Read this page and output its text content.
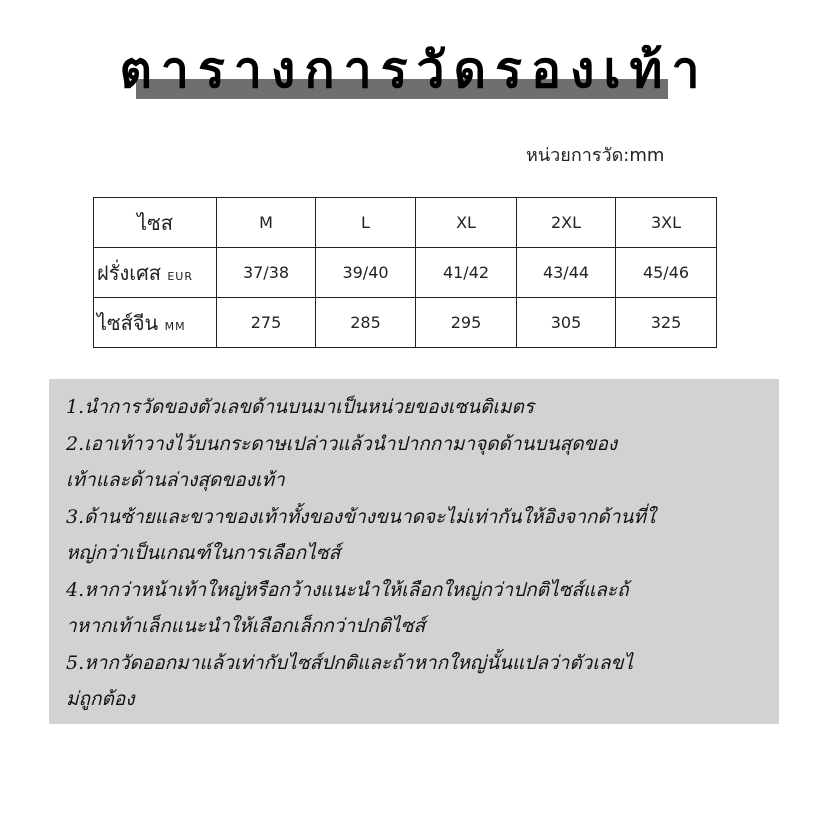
ตารางการวัดรองเท้า
หน่วยการวัด:mm
ไซส	M	L	XL	2XL	3XL
ฝรั่งเศส EUR	37/38	39/40	41/42	43/44	45/46
ไซส์จีน MM	275	285	295	305	325

1.นำการวัดของตัวเลขด้านบนมาเป็นหน่วยของเซนติเมตร

2.เอาเท้าวางไว้บนกระดาษเปล่าวแล้วนำปากกามาจุดด้านบนสุดของ

เท้าและด้านล่างสุดของเท้า

3.ด้านซ้ายและขวาของเท้าทั้งของข้างขนาดจะไม่เท่ากันให้อิงจากด้านที่ใ

หญ่กว่าเป็นเกณฑ์ในการเลือกไซส์

4.หากว่าหน้าเท้าใหญ่หรือกว้างแนะนำให้เลือกใหญ่กว่าปกติไซส์และถ้

าหากเท้าเล็กแนะนำให้เลือกเล็กกว่าปกติไซส์

5.หากวัดออกมาแล้วเท่ากับไซส์ปกติและถ้าหากใหญ่นั้นแปลว่าตัวเลขไ

ม่ถูกต้อง
